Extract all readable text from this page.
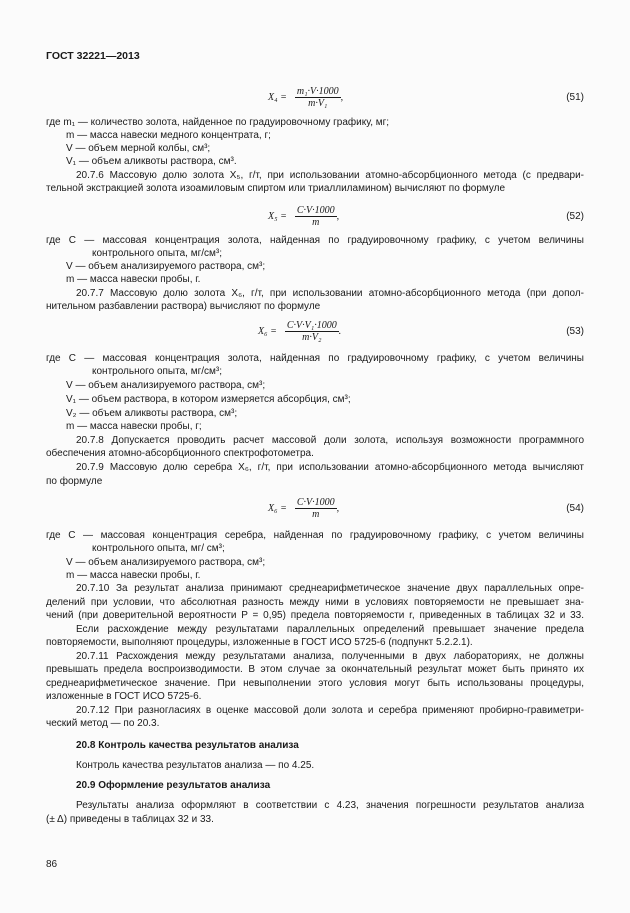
ГОСТ 32221—2013
$X_4 = \frac{\text{m₁·V·1000}}{\text{m·V₁}}$ ,	(51)
где m₁ — количество золота, найденное по градуировочному графику, мг;
m — масса навески медного концентрата, г;
V — объем мерной колбы, см³;
V₁ — объем аликвоты раствора, см³.
20.7.6 Массовую долю золота X₅, г/т, при использовании атомно-абсорбционного метода (с предвари-
тельной экстракцией золота изоамиловым спиртом или триаллиламином) вычисляют по формуле
$X_5 = \frac{C\cdot V\cdot 1000}{m}$ ,	(52)
где C — массовая концентрация золота, найденная по градуировочному графику, с учетом величины
контрольного опыта, мг/см³;
V — объем анализируемого раствора, см³;
m — масса навески пробы, г.
20.7.7 Массовую долю золота X₆, г/т, при использовании атомно-абсорбционного метода (при допол-
нительном разбавлении раствора) вычисляют по формуле
$X_6 = \frac{\text{C·V·V₁·1000}}{\text{m·V₂}}$ .	(53)
где C — массовая концентрация золота, найденная по градуировочному графику, с учетом величины
контрольного опыта, мг/см³;
V — объем анализируемого раствора, см³;
V₁ — объем раствора, в котором измеряется абсорбция, см³;
V₂ — объем аликвоты раствора, см³;
m — масса навески пробы, г;
20.7.8 Допускается проводить расчет массовой доли золота, используя возможности программного
обеспечения атомно-абсорбционного спектрофотометра.
20.7.9 Массовую долю серебра X₆, г/т, при использовании атомно-абсорбционного метода вычисляют
по формуле
$X_6 = \frac{C\cdot V\cdot 1000}{m}$ ,	(54)
где C — массовая концентрация серебра, найденная по градуировочному графику, с учетом величины
контрольного опыта, мг/ см³;
V — объем анализируемого раствора, см³;
m — масса навески пробы, г.
20.7.10 За результат анализа принимают среднеарифметическое значение двух параллельных опре-
делений при условии, что абсолютная разность между ними в условиях повторяемости не превышает зна-
чений (при доверительной вероятности P = 0,95) предела повторяемости r, приведенных в таблицах 32 и 33.
Если расхождение между результатами параллельных определений превышает значение предела
повторяемости, выполняют процедуры, изложенные в ГОСТ ИСО 5725-6 (подпункт 5.2.2.1).
20.7.11 Расхождения между результатами анализа, полученными в двух лабораториях, не должны
превышать предела воспроизводимости. В этом случае за окончательный результат может быть принято их
среднеарифметическое значение. При невыполнении этого условия могут быть использованы процедуры,
изложенные в ГОСТ ИСО 5725-6.
20.7.12 При разногласиях в оценке массовой доли золота и серебра применяют пробирно-гравиметри-
ческий метод — по 20.3.
20.8 Контроль качества результатов анализа
Контроль качества результатов анализа — по 4.25.
20.9 Оформление результатов анализа
Результаты анализа оформляют в соответствии с 4.23, значения погрешности результатов анализа
(± Δ) приведены в таблицах 32 и 33.
86
